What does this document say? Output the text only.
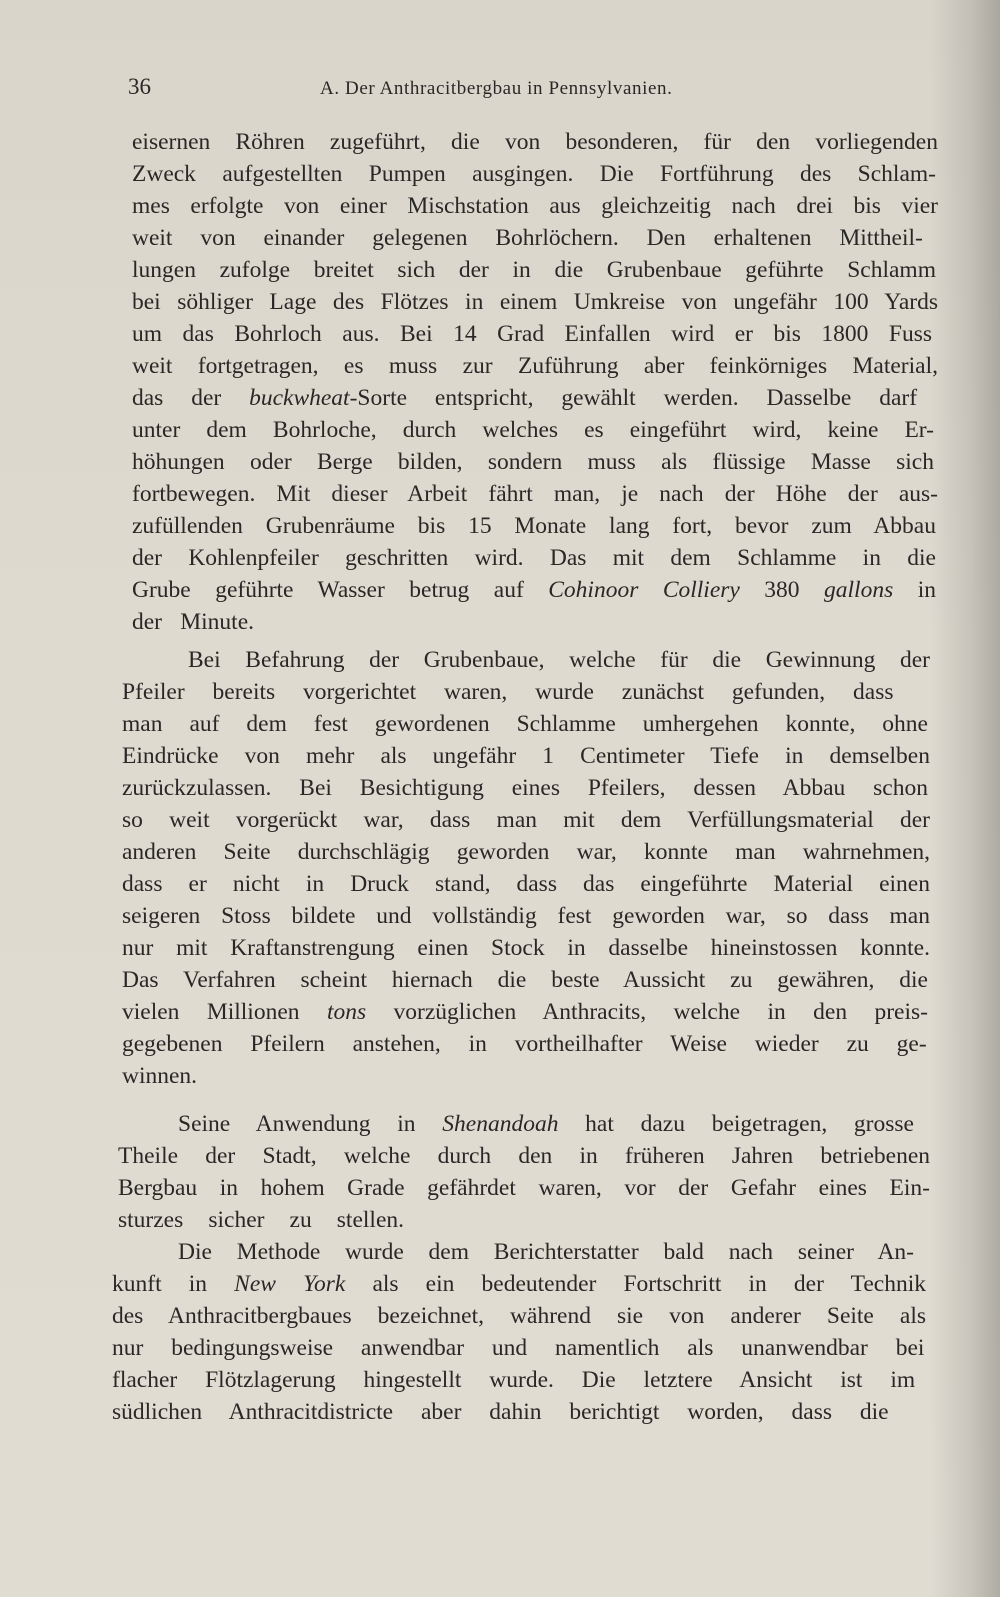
36	A. Der Anthracitbergbau in Pennsylvanien.
eisernen Röhren zugeführt, die von besonderen, für den vorliegenden
Zweck aufgestellten Pumpen ausgingen. Die Fortführung des Schlam-
mes erfolgte von einer Mischstation aus gleichzeitig nach drei bis vier
weit von einander gelegenen Bohrlöchern. Den erhaltenen Mittheil-
lungen zufolge breitet sich der in die Grubenbaue geführte Schlamm
bei söhliger Lage des Flötzes in einem Umkreise von ungefähr 100 Yards
um das Bohrloch aus. Bei 14 Grad Einfallen wird er bis 1800 Fuss
weit fortgetragen, es muss zur Zuführung aber feinkörniges Material,
das der buckwheat-Sorte entspricht, gewählt werden. Dasselbe darf
unter dem Bohrloche, durch welches es eingeführt wird, keine Er-
höhungen oder Berge bilden, sondern muss als flüssige Masse sich
fortbewegen. Mit dieser Arbeit fährt man, je nach der Höhe der aus-
zufüllenden Grubenräume bis 15 Monate lang fort, bevor zum Abbau
der Kohlenpfeiler geschritten wird. Das mit dem Schlamme in die
Grube geführte Wasser betrug auf Cohinoor Colliery 380 gallons in
der Minute.
Bei Befahrung der Grubenbaue, welche für die Gewinnung der
Pfeiler bereits vorgerichtet waren, wurde zunächst gefunden, dass
man auf dem fest gewordenen Schlamme umhergehen konnte, ohne
Eindrücke von mehr als ungefähr 1 Centimeter Tiefe in demselben
zurückzulassen. Bei Besichtigung eines Pfeilers, dessen Abbau schon
so weit vorgerückt war, dass man mit dem Verfüllungsmaterial der
anderen Seite durchschlägig geworden war, konnte man wahrnehmen,
dass er nicht in Druck stand, dass das eingeführte Material einen
seigeren Stoss bildete und vollständig fest geworden war, so dass man
nur mit Kraftanstrengung einen Stock in dasselbe hineinstossen konnte.
Das Verfahren scheint hiernach die beste Aussicht zu gewähren, die
vielen Millionen tons vorzüglichen Anthracits, welche in den preis-
gegebenen Pfeilern anstehen, in vortheilhafter Weise wieder zu ge-
winnen.
Seine Anwendung in Shenandoah hat dazu beigetragen, grosse
Theile der Stadt, welche durch den in früheren Jahren betriebenen
Bergbau in hohem Grade gefährdet waren, vor der Gefahr eines Ein-
sturzes sicher zu stellen.
Die Methode wurde dem Berichterstatter bald nach seiner An-
kunft in New York als ein bedeutender Fortschritt in der Technik
des Anthracitbergbaues bezeichnet, während sie von anderer Seite als
nur bedingungsweise anwendbar und namentlich als unanwendbar bei
flacher Flötzlagerung hingestellt wurde. Die letztere Ansicht ist im
südlichen Anthracitdistricte aber dahin berichtigt worden, dass die
